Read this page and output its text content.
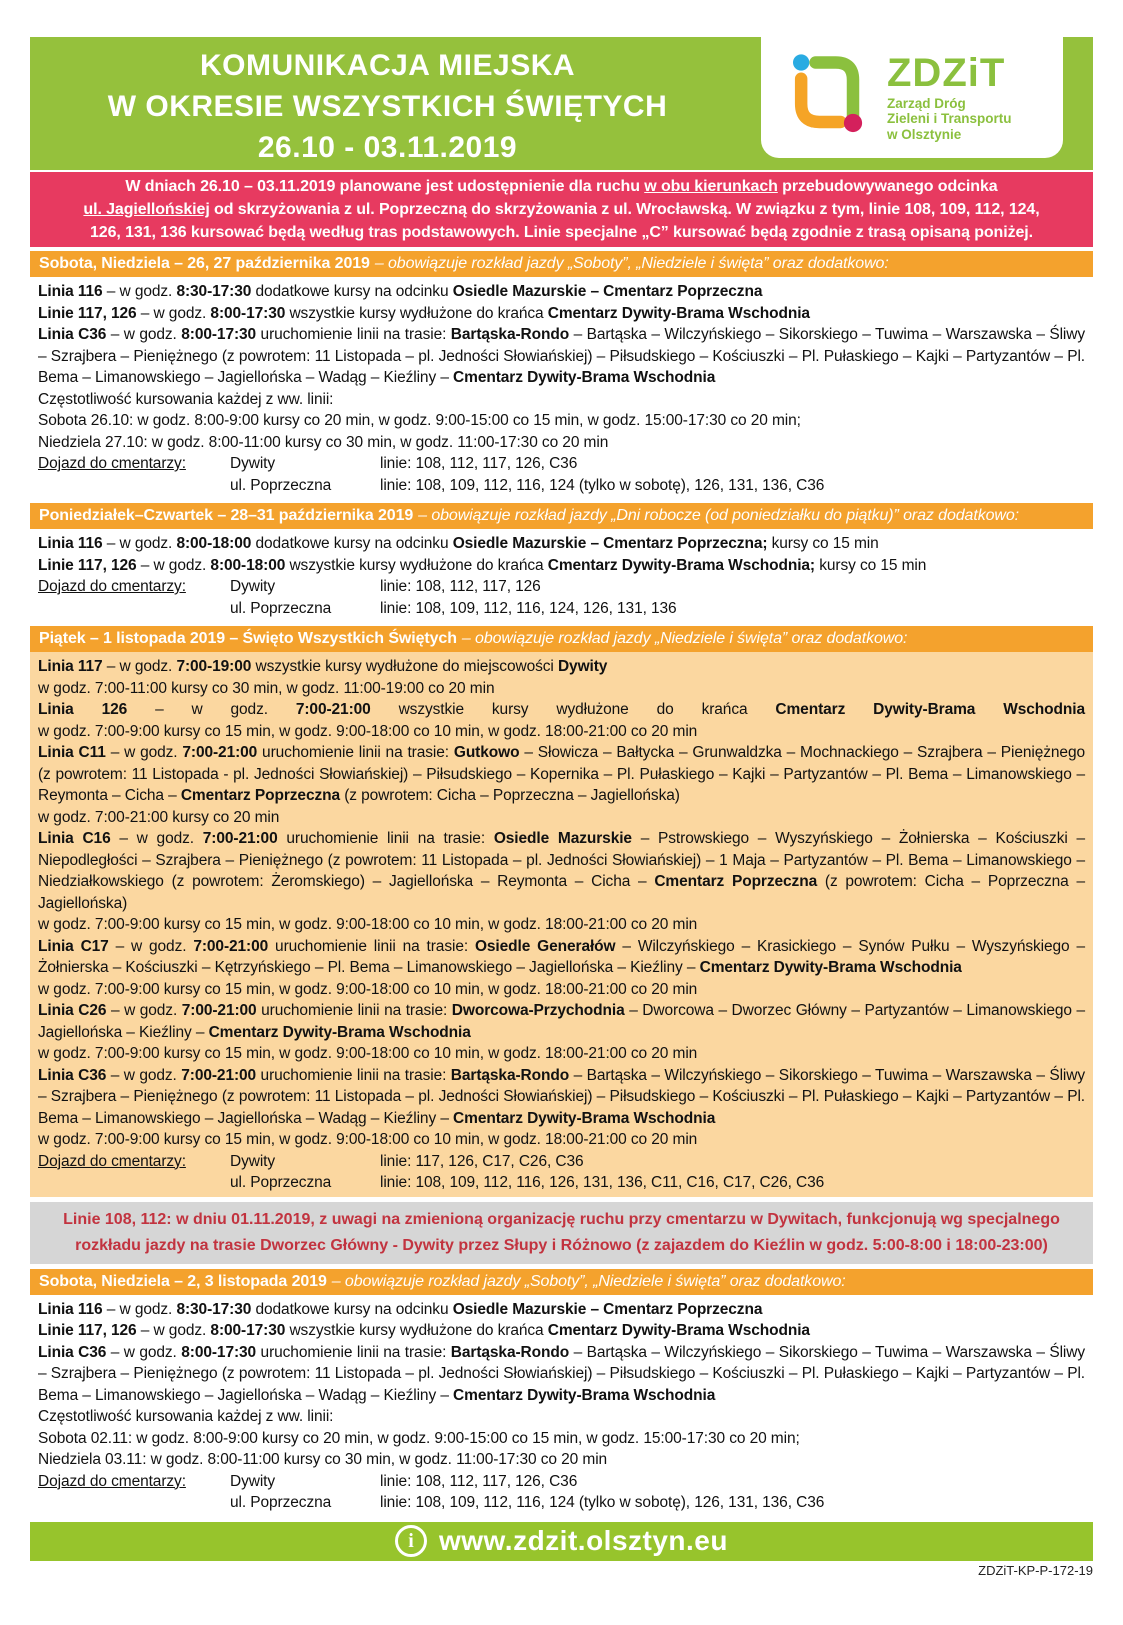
KOMUNIKACJA MIEJSKA
W OKRESIE WSZYSTKICH ŚWIĘTYCH
26.10 - 03.11.2019
ZDZiT
Zarząd Dróg
Zieleni i Transportu
w Olsztynie
W dniach 26.10 – 03.11.2019 planowane jest udostępnienie dla ruchu w obu kierunkach przebudowywanego odcinka
ul. Jagiellońskiej od skrzyżowania z ul. Poprzeczną do skrzyżowania z ul. Wrocławską. W związku z tym, linie 108, 109, 112, 124,
126, 131, 136 kursować będą według tras podstawowych. Linie specjalne „C” kursować będą zgodnie z trasą opisaną poniżej.
Sobota, Niedziela – 26, 27 października 2019 – obowiązuje rozkład jazdy „Soboty”, „Niedziele i święta” oraz dodatkowo:
Linia 116 – w godz. 8:30-17:30 dodatkowe kursy na odcinku Osiedle Mazurskie – Cmentarz Poprzeczna
Linie 117, 126 – w godz. 8:00-17:30 wszystkie kursy wydłużone do krańca Cmentarz Dywity-Brama Wschodnia
Linia C36 – w godz. 8:00-17:30 uruchomienie linii na trasie: Bartąska-Rondo – Bartąska – Wilczyńskiego – Sikorskiego – Tuwima – Warszawska – Śliwy – Szrajbera – Pieniężnego (z powrotem: 11 Listopada – pl. Jedności Słowiańskiej) – Piłsudskiego – Kościuszki – Pl. Pułaskiego – Kajki – Partyzantów – Pl. Bema – Limanowskiego – Jagiellońska – Wadąg – Kieźliny – Cmentarz Dywity-Brama Wschodnia
Częstotliwość kursowania każdej z ww. linii:
Sobota 26.10: w godz. 8:00-9:00 kursy co 20 min, w godz. 9:00-15:00 co 15 min, w godz. 15:00-17:30 co 20 min;
Niedziela 27.10: w godz. 8:00-11:00 kursy co 30 min, w godz. 11:00-17:30 co 20 min
Dojazd do cmentarzy:	Dywity	linie: 108, 112, 117, 126, C36
ul. Poprzeczna	linie: 108, 109, 112, 116, 124 (tylko w sobotę), 126, 131, 136, C36
Poniedziałek–Czwartek – 28–31 października 2019 – obowiązuje rozkład jazdy „Dni robocze (od poniedziałku do piątku)” oraz dodatkowo:
Linia 116 – w godz. 8:00-18:00 dodatkowe kursy na odcinku Osiedle Mazurskie – Cmentarz Poprzeczna; kursy co 15 min
Linie 117, 126 – w godz. 8:00-18:00 wszystkie kursy wydłużone do krańca Cmentarz Dywity-Brama Wschodnia; kursy co 15 min
Dojazd do cmentarzy:	Dywity	linie: 108, 112, 117, 126
ul. Poprzeczna	linie: 108, 109, 112, 116, 124, 126, 131, 136
Piątek – 1 listopada 2019 – Święto Wszystkich Świętych – obowiązuje rozkład jazdy „Niedziele i święta” oraz dodatkowo:
Linia 117 – w godz. 7:00-19:00 wszystkie kursy wydłużone do miejscowości Dywity
w godz. 7:00-11:00 kursy co 30 min, w godz. 11:00-19:00 co 20 min
Linia 126 – w godz. 7:00-21:00 wszystkie kursy wydłużone do krańca Cmentarz Dywity-Brama Wschodnia
w godz. 7:00-9:00 kursy co 15 min, w godz. 9:00-18:00 co 10 min, w godz. 18:00-21:00 co 20 min
Linia C11 – w godz. 7:00-21:00 uruchomienie linii na trasie: Gutkowo – Słowicza – Bałtycka – Grunwaldzka – Mochnackiego – Szrajbera – Pieniężnego (z powrotem: 11 Listopada - pl. Jedności Słowiańskiej) – Piłsudskiego – Kopernika – Pl. Pułaskiego – Kajki – Partyzantów – Pl. Bema – Limanowskiego – Reymonta – Cicha – Cmentarz Poprzeczna (z powrotem: Cicha – Poprzeczna – Jagiellońska)
w godz. 7:00-21:00 kursy co 20 min
Linia C16 – w godz. 7:00-21:00 uruchomienie linii na trasie: Osiedle Mazurskie – Pstrowskiego – Wyszyńskiego – Żołnierska – Kościuszki – Niepodległości – Szrajbera – Pieniężnego (z powrotem: 11 Listopada – pl. Jedności Słowiańskiej) – 1 Maja – Partyzantów – Pl. Bema – Limanowskiego – Niedziałkowskiego (z powrotem: Żeromskiego) – Jagiellońska – Reymonta – Cicha – Cmentarz Poprzeczna (z powrotem: Cicha – Poprzeczna – Jagiellońska)
w godz. 7:00-9:00 kursy co 15 min, w godz. 9:00-18:00 co 10 min, w godz. 18:00-21:00 co 20 min
Linia C17 – w godz. 7:00-21:00 uruchomienie linii na trasie: Osiedle Generałów – Wilczyńskiego – Krasickiego – Synów Pułku – Wyszyńskiego – Żołnierska – Kościuszki – Kętrzyńskiego – Pl. Bema – Limanowskiego – Jagiellońska – Kieźliny – Cmentarz Dywity-Brama Wschodnia
w godz. 7:00-9:00 kursy co 15 min, w godz. 9:00-18:00 co 10 min, w godz. 18:00-21:00 co 20 min
Linia C26 – w godz. 7:00-21:00 uruchomienie linii na trasie: Dworcowa-Przychodnia – Dworcowa – Dworzec Główny – Partyzantów – Limanowskiego – Jagiellońska – Kieźliny – Cmentarz Dywity-Brama Wschodnia
w godz. 7:00-9:00 kursy co 15 min, w godz. 9:00-18:00 co 10 min, w godz. 18:00-21:00 co 20 min
Linia C36 – w godz. 7:00-21:00 uruchomienie linii na trasie: Bartąska-Rondo – Bartąska – Wilczyńskiego – Sikorskiego – Tuwima – Warszawska – Śliwy – Szrajbera – Pieniężnego (z powrotem: 11 Listopada – pl. Jedności Słowiańskiej) – Piłsudskiego – Kościuszki – Pl. Pułaskiego – Kajki – Partyzantów – Pl. Bema – Limanowskiego – Jagiellońska – Wadąg – Kieźliny – Cmentarz Dywity-Brama Wschodnia
w godz. 7:00-9:00 kursy co 15 min, w godz. 9:00-18:00 co 10 min, w godz. 18:00-21:00 co 20 min
Dojazd do cmentarzy:	Dywity	linie: 117, 126, C17, C26, C36
ul. Poprzeczna	linie: 108, 109, 112, 116, 126, 131, 136, C11, C16, C17, C26, C36
Linie 108, 112: w dniu 01.11.2019, z uwagi na zmienioną organizację ruchu przy cmentarzu w Dywitach, funkcjonują wg specjalnego
rozkładu jazdy na trasie Dworzec Główny - Dywity przez Słupy i Różnowo (z zajazdem do Kieźlin w godz. 5:00-8:00 i 18:00-23:00)
Sobota, Niedziela – 2, 3 listopada 2019 – obowiązuje rozkład jazdy „Soboty”, „Niedziele i święta” oraz dodatkowo:
Linia 116 – w godz. 8:30-17:30 dodatkowe kursy na odcinku Osiedle Mazurskie – Cmentarz Poprzeczna
Linie 117, 126 – w godz. 8:00-17:30 wszystkie kursy wydłużone do krańca Cmentarz Dywity-Brama Wschodnia
Linia C36 – w godz. 8:00-17:30 uruchomienie linii na trasie: Bartąska-Rondo – Bartąska – Wilczyńskiego – Sikorskiego – Tuwima – Warszawska – Śliwy – Szrajbera – Pieniężnego (z powrotem: 11 Listopada – pl. Jedności Słowiańskiej) – Piłsudskiego – Kościuszki – Pl. Pułaskiego – Kajki – Partyzantów – Pl. Bema – Limanowskiego – Jagiellońska – Wadąg – Kieźliny – Cmentarz Dywity-Brama Wschodnia
Częstotliwość kursowania każdej z ww. linii:
Sobota 02.11: w godz. 8:00-9:00 kursy co 20 min, w godz. 9:00-15:00 co 15 min, w godz. 15:00-17:30 co 20 min;
Niedziela 03.11: w godz. 8:00-11:00 kursy co 30 min, w godz. 11:00-17:30 co 20 min
Dojazd do cmentarzy:	Dywity	linie: 108, 112, 117, 126, C36
ul. Poprzeczna	linie: 108, 109, 112, 116, 124 (tylko w sobotę), 126, 131, 136, C36
i www.zdzit.olsztyn.eu
ZDZiT-KP-P-172-19
